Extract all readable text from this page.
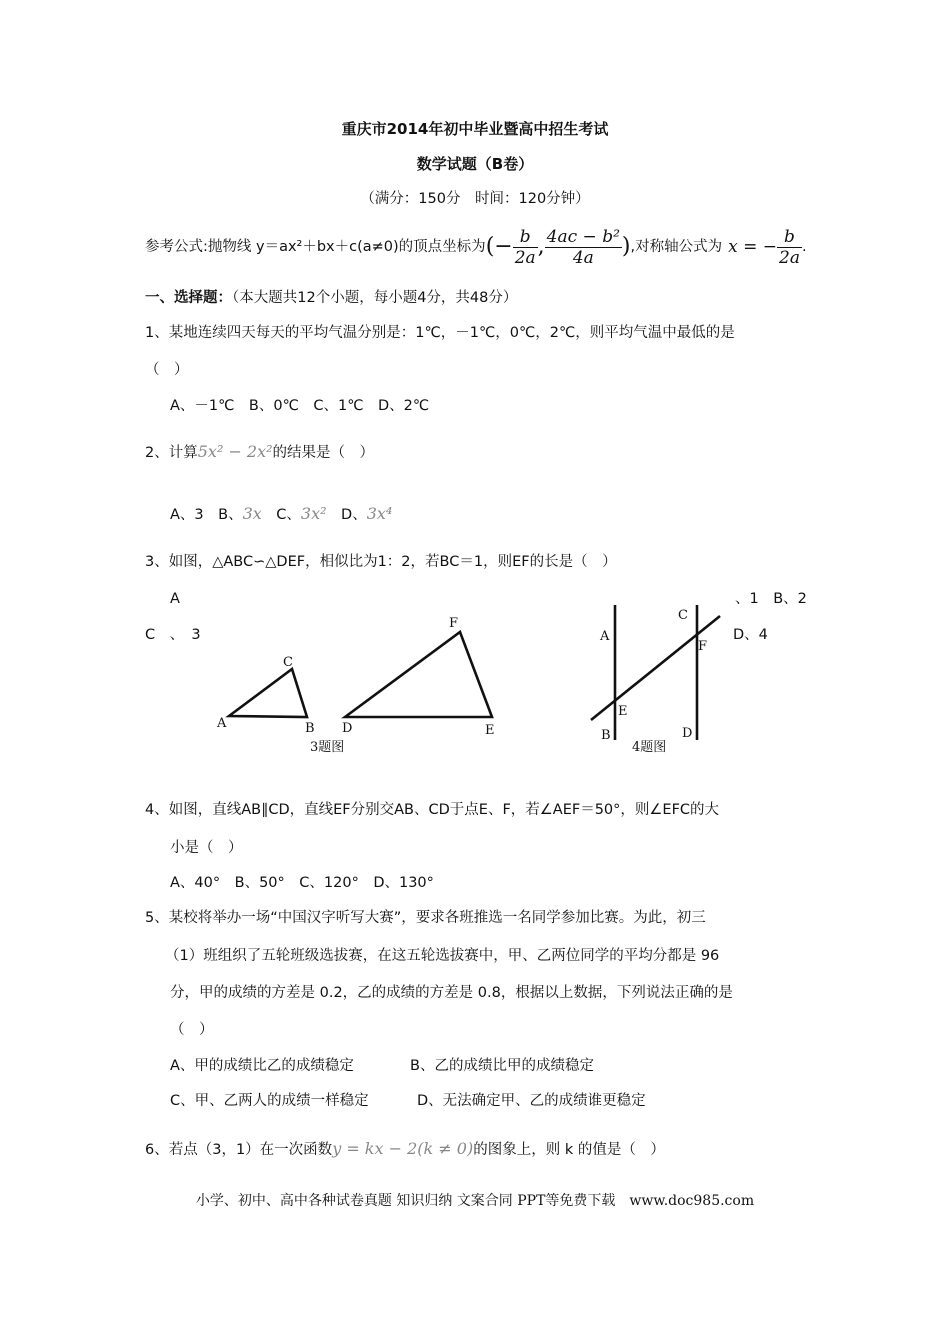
重庆市2014年初中毕业暨高中招生考试
数学试题（B卷）
（满分：150分　时间：120分钟）
参考公式:抛物线 y＝ax²＋bx＋c(a≠0)的顶点坐标为 (− $\frac{b}{2a}$ , $\frac{\text{4ac − b²}}{4a}$ ) ,对称轴公式为 x = − $\frac{b}{2a}$ .
一、选择题：（本大题共12个小题，每小题4分，共48分）
1、某地连续四天每天的平均气温分别是：1℃，－1℃，0℃，2℃，则平均气温中最低的是
（　）
A、－1℃　B、0℃　C、1℃　D、2℃
2、计算5x² − 2x²的结果是（　）
A、3　B、3x　C、3x²　D、3x⁴
3、如图，△ABC∽△DEF，相似比为1：2，若BC＝1，则EF的长是（　）
A	、1　B、2
C　、　3	D、4
A	B
C
D	E
F
3题图
A
B
C
D
E
F
4题图
4、如图，直线AB∥CD，直线EF分别交AB、CD于点E、F，若∠AEF＝50°，则∠EFC的大
小是（　）
A、40°　B、50°　C、120°　D、130°
5、某校将举办一场“中国汉字听写大赛”，要求各班推选一名同学参加比赛。为此，初三
（1）班组织了五轮班级选拔赛，在这五轮选拔赛中，甲、乙两位同学的平均分都是 96
分，甲的成绩的方差是 0.2，乙的成绩的方差是 0.8，根据以上数据，下列说法正确的是
（　）
A、甲的成绩比乙的成绩稳定	B、乙的成绩比甲的成绩稳定
C、甲、乙两人的成绩一样稳定	D、无法确定甲、乙的成绩谁更稳定
6、若点（3，1）在一次函数y = kx − 2(k ≠ 0)的图象上，则 k 的值是（　）
小学、初中、高中各种试卷真题 知识归纳 文案合同 PPT等免费下载　www.doc985.com
